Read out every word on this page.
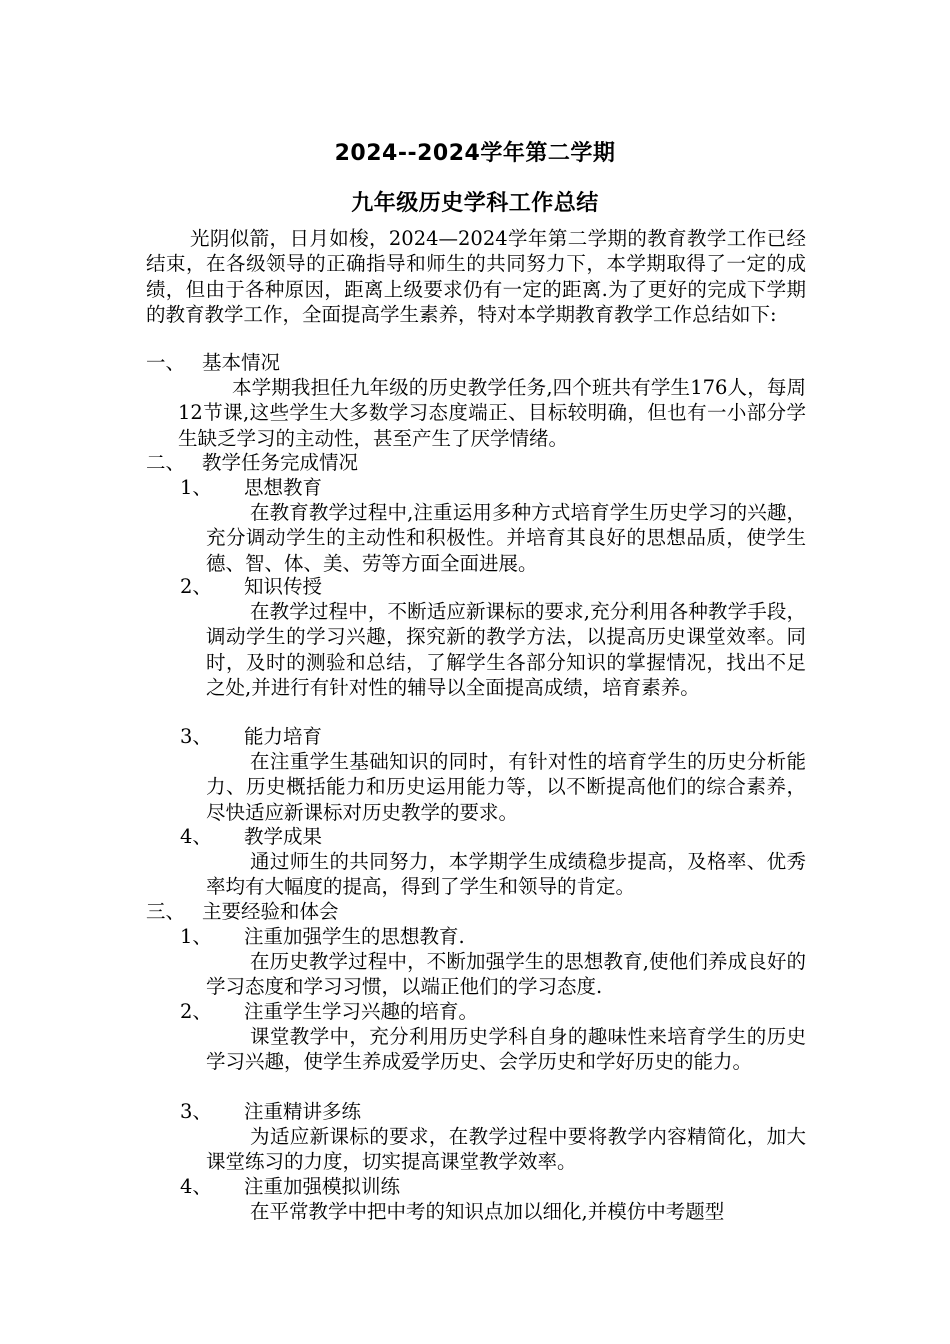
2024--2024学年第二学期
九年级历史学科工作总结
光阴似箭，日月如梭，2024—2024学年第二学期的教育教学工作已经结束，在各级领导的正确指导和师生的共同努力下，本学期取得了一定的成绩，但由于各种原因，距离上级要求仍有一定的距离.为了更好的完成下学期的教育教学工作，全面提高学生素养，特对本学期教育教学工作总结如下:
一、 基本情况
本学期我担任九年级的历史教学任务,四个班共有学生176人，每周12节课,这些学生大多数学习态度端正、目标较明确，但也有一小部分学生缺乏学习的主动性，甚至产生了厌学情绪。
二、 教学任务完成情况
1、 思想教育
在教育教学过程中,注重运用多种方式培育学生历史学习的兴趣，充分调动学生的主动性和积极性。并培育其良好的思想品质，使学生德、智、体、美、劳等方面全面进展。
2、 知识传授
在教学过程中，不断适应新课标的要求,充分利用各种教学手段，调动学生的学习兴趣，探究新的教学方法，以提高历史课堂效率。同时，及时的测验和总结，了解学生各部分知识的掌握情况，找出不足之处,并进行有针对性的辅导以全面提高成绩，培育素养。
3、 能力培育
在注重学生基础知识的同时，有针对性的培育学生的历史分析能力、历史概括能力和历史运用能力等，以不断提高他们的综合素养，尽快适应新课标对历史教学的要求。
4、 教学成果
通过师生的共同努力，本学期学生成绩稳步提高，及格率、优秀率均有大幅度的提高，得到了学生和领导的肯定。
三、 主要经验和体会
1、 注重加强学生的思想教育.
在历史教学过程中，不断加强学生的思想教育,使他们养成良好的学习态度和学习习惯，以端正他们的学习态度.
2、 注重学生学习兴趣的培育。
课堂教学中，充分利用历史学科自身的趣味性来培育学生的历史学习兴趣，使学生养成爱学历史、会学历史和学好历史的能力。
3、 注重精讲多练
为适应新课标的要求，在教学过程中要将教学内容精简化，加大课堂练习的力度，切实提高课堂教学效率。
4、 注重加强模拟训练
在平常教学中把中考的知识点加以细化,并模仿中考题型
